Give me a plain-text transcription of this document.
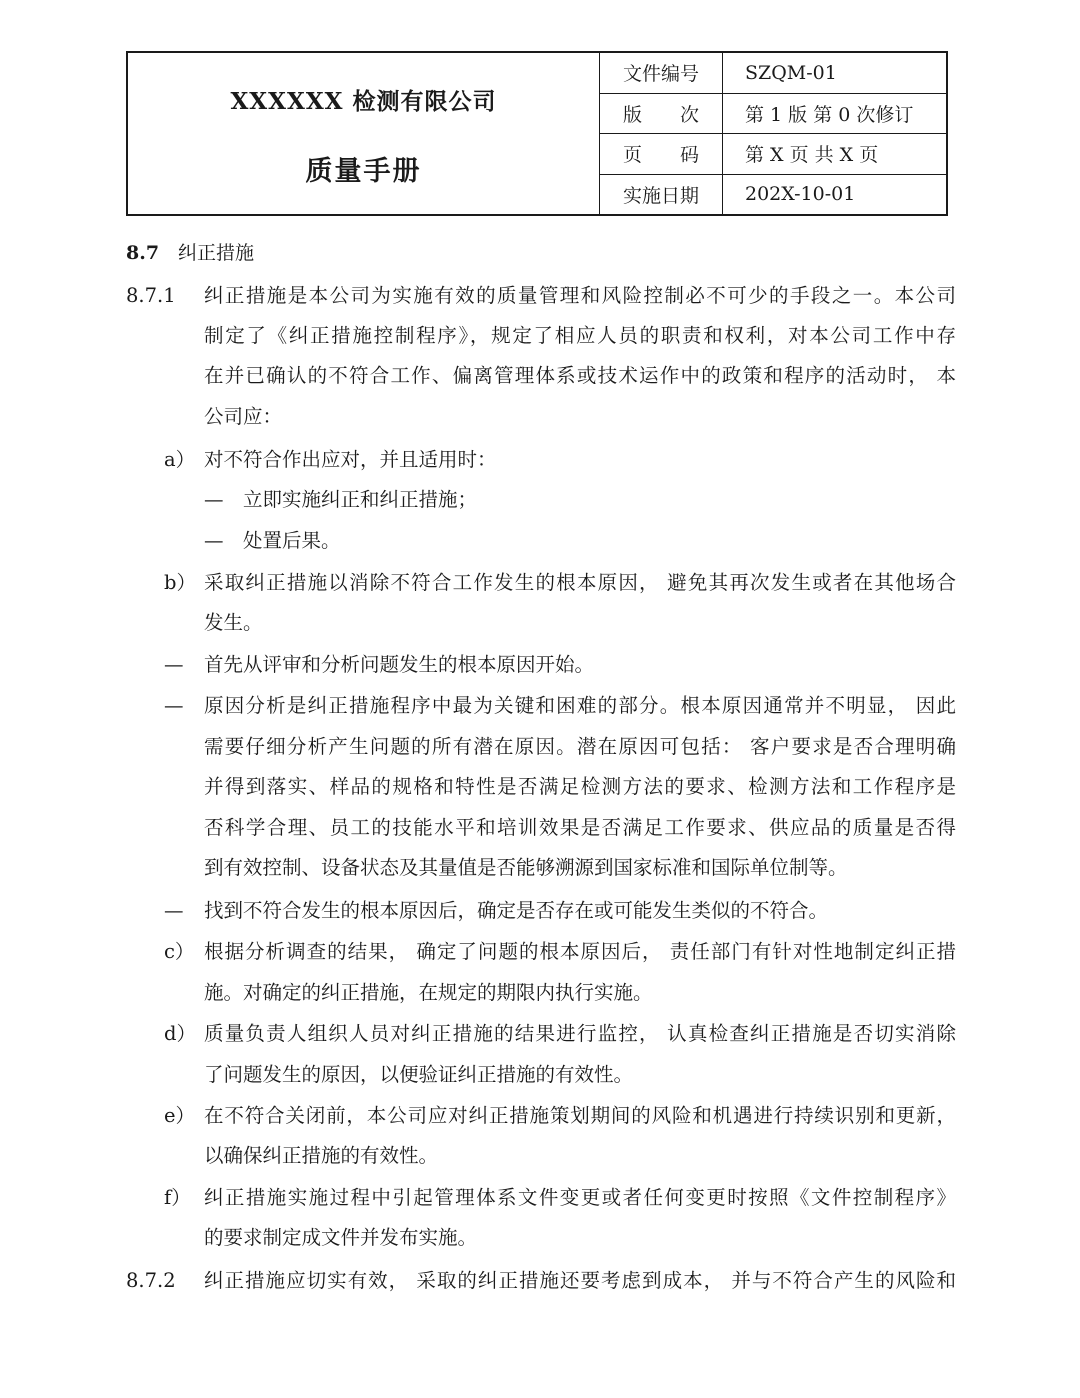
XXXXXX 检测有限公司
质量手册
文件编号	SZQM-01
版　　次	第 1 版 第 0 次修订
页　　码	第 X 页 共 X 页
实施日期	202X-10-01
8.7 纠正措施
8.7.1 纠正措施是本公司为实施有效的质量管理和风险控制必不可少的手段之一。本公司
制定了《纠正措施控制程序》，规定了相应人员的职责和权利，对本公司工作中存
在并已确认的不符合工作、偏离管理体系或技术运作中的政策和程序的活动时， 本
公司应：
a） 对不符合作出应对，并且适用时：
—　立即实施纠正和纠正措施；
—　处置后果。
b） 采取纠正措施以消除不符合工作发生的根本原因， 避免其再次发生或者在其他场合
发生。
— 首先从评审和分析问题发生的根本原因开始。
— 原因分析是纠正措施程序中最为关键和困难的部分。根本原因通常并不明显， 因此
需要仔细分析产生问题的所有潜在原因。潜在原因可包括： 客户要求是否合理明确
并得到落实、样品的规格和特性是否满足检测方法的要求、检测方法和工作程序是
否科学合理、员工的技能水平和培训效果是否满足工作要求、供应品的质量是否得
到有效控制、设备状态及其量值是否能够溯源到国家标准和国际单位制等。
— 找到不符合发生的根本原因后，确定是否存在或可能发生类似的不符合。
c） 根据分析调查的结果， 确定了问题的根本原因后， 责任部门有针对性地制定纠正措
施。对确定的纠正措施，在规定的期限内执行实施。
d） 质量负责人组织人员对纠正措施的结果进行监控， 认真检查纠正措施是否切实消除
了问题发生的原因，以便验证纠正措施的有效性。
e） 在不符合关闭前，本公司应对纠正措施策划期间的风险和机遇进行持续识别和更新，
以确保纠正措施的有效性。
f） 纠正措施实施过程中引起管理体系文件变更或者任何变更时按照《文件控制程序》
的要求制定成文件并发布实施。
8.7.2 纠正措施应切实有效， 采取的纠正措施还要考虑到成本， 并与不符合产生的风险和
